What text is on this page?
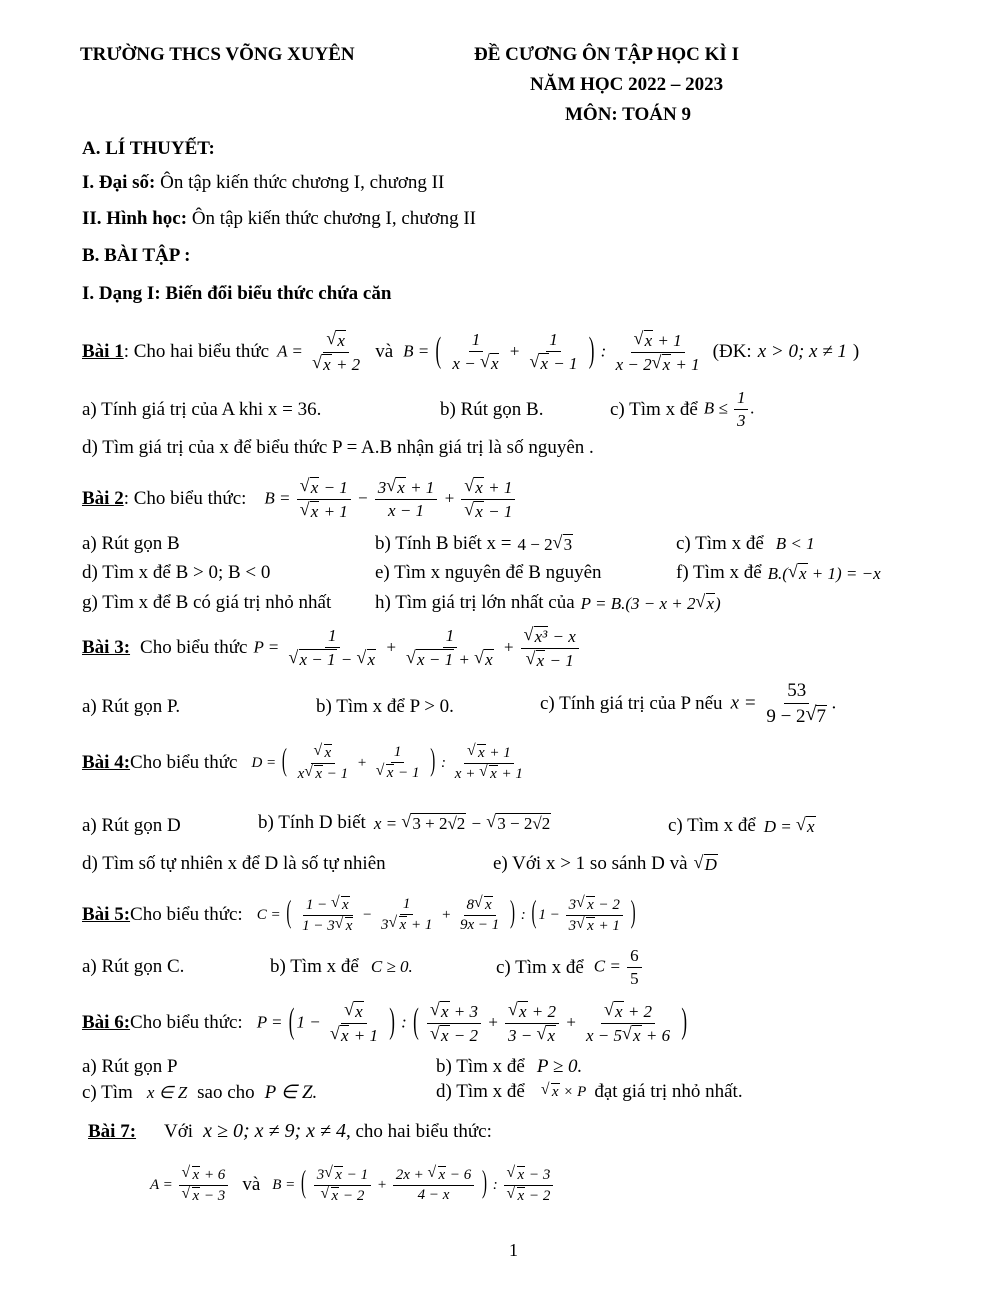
TRƯỜNG THCS VÕNG XUYÊN	ĐỀ CƯƠNG ÔN TẬP HỌC KÌ I
NĂM HỌC 2022 – 2023
MÔN: TOÁN 9
A. LÍ THUYẾT:
I. Đại số: Ôn tập kiến thức chương I, chương II
II. Hình học: Ôn tập kiến thức chương I, chương II
B. BÀI TẬP :
I. Dạng I: Biến đổi biểu thức chứa căn
Bài 1 : Cho hai biểu thức A = √ x
√ x + 2 và B = ( $\frac{1}{x - √ x} + 1$
√ x − 1 ) : √ $\frac{x + 1}{x - 2 √ x + 1}$ (ĐK: x > 0; x ≠ 1 )
a) Tính giá trị của A khi x = 36.	b) Rút gọn B.	c) Tìm x để $B \le \frac{1}{3}$ .
d) Tìm giá trị của x để biểu thức P = A.B nhận giá trị là số nguyên .
Bài 2 : Cho biểu thức: B = √ x − 1
√ $x + 1 - \frac{3 √ x + 1}{x - 1}$ + √ x + 1
√ x − 1
a) Rút gọn B	b) Tính B biết x = 4 − 2 √ 3	c) Tìm x để B < 1
d) Tìm x để B > 0; B < 0	e) Tìm x nguyên để B nguyên	f) Tìm x để B.( √ x + 1) = −x
g) Tìm x để B có giá trị nhỏ nhất h) Tìm giá trị lớn nhất của P = B.(3 − x + 2 √ x)
Bài 3: Cho biểu thức P = 1
√ x − 1 − √ x + 1
√ x − 1 + √ x + √ x³ − x
√ x − 1
a) Rút gọn P.	b) Tìm x để P > 0.	c) Tính giá trị của P nếu $x = \frac{53}{9 - 2 √ 7}$ .
Bài 4: Cho biểu thức D = ( √ $\frac{x}{x √ x - 1} + 1$
√ x − 1 ) : √ $\frac{x + 1}{x + √ x + 1}$
a) Rút gọn D	b) Tính D biết x = √ 3 + 2√2 − √ 3 − 2√2	c) Tìm x để D = √ x
d) Tìm số tự nhiên x để D là số tự nhiên	e) Với x > 1 so sánh D và	√ D
Bài 5: Cho biểu thức: C = ( $\frac{1 - √ x}{1 - 3 √ x} - \frac{1}{3 √ x + 1} + \frac{8 √ x}{9x - 1}$ ) : ( $1 - \frac{3 √ x - 2}{3 √ x + 1}$ )
a) Rút gọn C.	b) Tìm x để C ≥ 0.	c) Tìm x để $C = \frac{6}{5}$
Bài 6: Cho biểu thức: P = ( 1 − √ x
√ x + 1 ) : ( √ x + 3
√ x − 2 + √ $\frac{x + 2}{3 - √ x}$ + √ $\frac{x + 2}{x - 5 √ x + 6}$ )
a) Rút gọn P	b) Tìm x để P ≥ 0.
c) Tìm x ∈ Z sao cho P ∈ Z.	d) Tìm x để	√ x × P đạt giá trị nhỏ nhất.
Bài 7: Với x ≥ 0; x ≠ 9; x ≠ 4 , cho hai biểu thức:
A = √ x + 6
√ x − 3 và B = ( 3 √ x − 1
√ $x - 2 + \frac{2x + √ x - 6}{4 - x}$ ) : √ x − 3
√ x − 2
1
